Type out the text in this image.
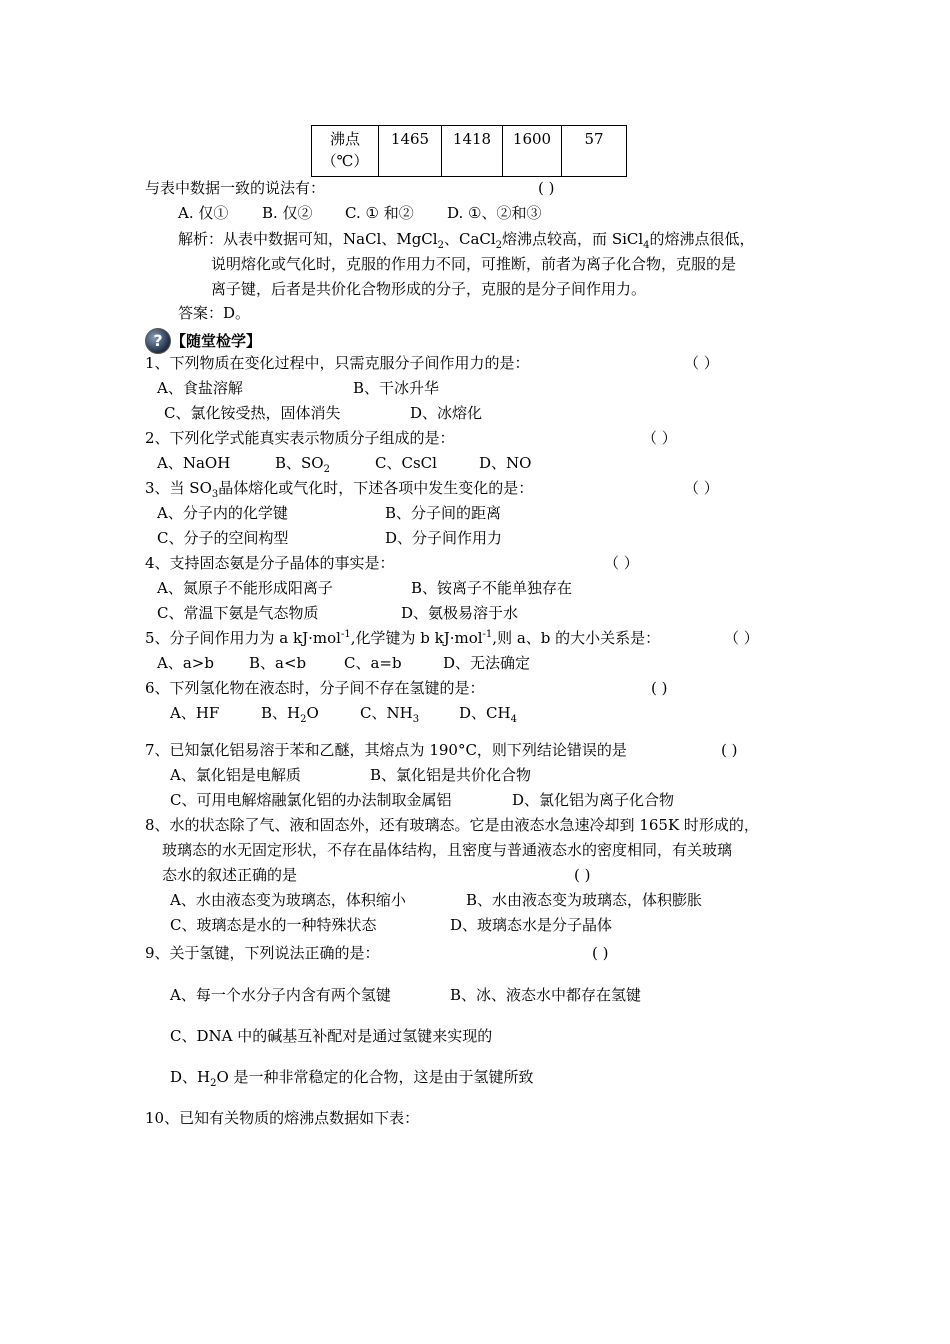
沸点
（℃）
	1465	1418	1600	57
与表中数据一致的说法有：	( )
A. 仅① B. 仅② C. ① 和② D. ①、②和③
解析：从表中数据可知，NaCl、MgCl$_2$、CaCl$_2$熔沸点较高，而 SiCl$_4$的熔沸点很低，
说明熔化或气化时，克服的作用力不同，可推断，前者为离子化合物，克服的是
离子键，后者是共价化合物形成的分子，克服的是分子间作用力。
答案：D。
? 【随堂检学】
1、下列物质在变化过程中，只需克服分子间作用力的是：	（ ）
A、食盐溶解	B、干冰升华
C、氯化铵受热，固体消失	D、冰熔化
2、下列化学式能真实表示物质分子组成的是：	（ ）
A、NaOH	B、$SO_2$	C、CsCl	D、NO
3、当 $SO_3$晶体熔化或气化时，下述各项中发生变化的是：	（ ）
A、分子内的化学键	B、分子间的距离
C、分子的空间构型	D、分子间作用力
4、支持固态氨是分子晶体的事实是：	（ ）
A、氮原子不能形成阳离子	B、铵离子不能单独存在
C、常温下氨是气态物质	D、氨极易溶于水
5、分子间作用力为 a kJ·mol$^{-1}$,化学键为 b kJ·mol$^{-1}$,则 a、b 的大小关系是：	（ ）
A、a>b B、a<b	C、a=b	D、无法确定
6、下列氢化物在液态时，分子间不存在氢键的是：	( )
A、HF	B、$H_2O$	C、$NH_3$	D、$CH_4$
7、已知氯化铝易溶于苯和乙醚，其熔点为 190°C，则下列结论错误的是	( )
A、氯化铝是电解质	B、氯化铝是共价化合物
C、可用电解熔融氯化铝的办法制取金属铝	D、氯化铝为离子化合物
8、水的状态除了气、液和固态外，还有玻璃态。它是由液态水急速冷却到 165K 时形成的，
玻璃态的水无固定形状，不存在晶体结构，且密度与普通液态水的密度相同，有关玻璃
态水的叙述正确的是	( )
A、水由液态变为玻璃态，体积缩小	B、水由液态变为玻璃态，体积膨胀
C、玻璃态是水的一种特殊状态	D、玻璃态水是分子晶体
9、关于氢键，下列说法正确的是：	( )
A、每一个水分子内含有两个氢键	B、冰、液态水中都存在氢键
C、DNA 中的碱基互补配对是通过氢键来实现的
D、$H_2O$ 是一种非常稳定的化合物，这是由于氢键所致
10、已知有关物质的熔沸点数据如下表：
